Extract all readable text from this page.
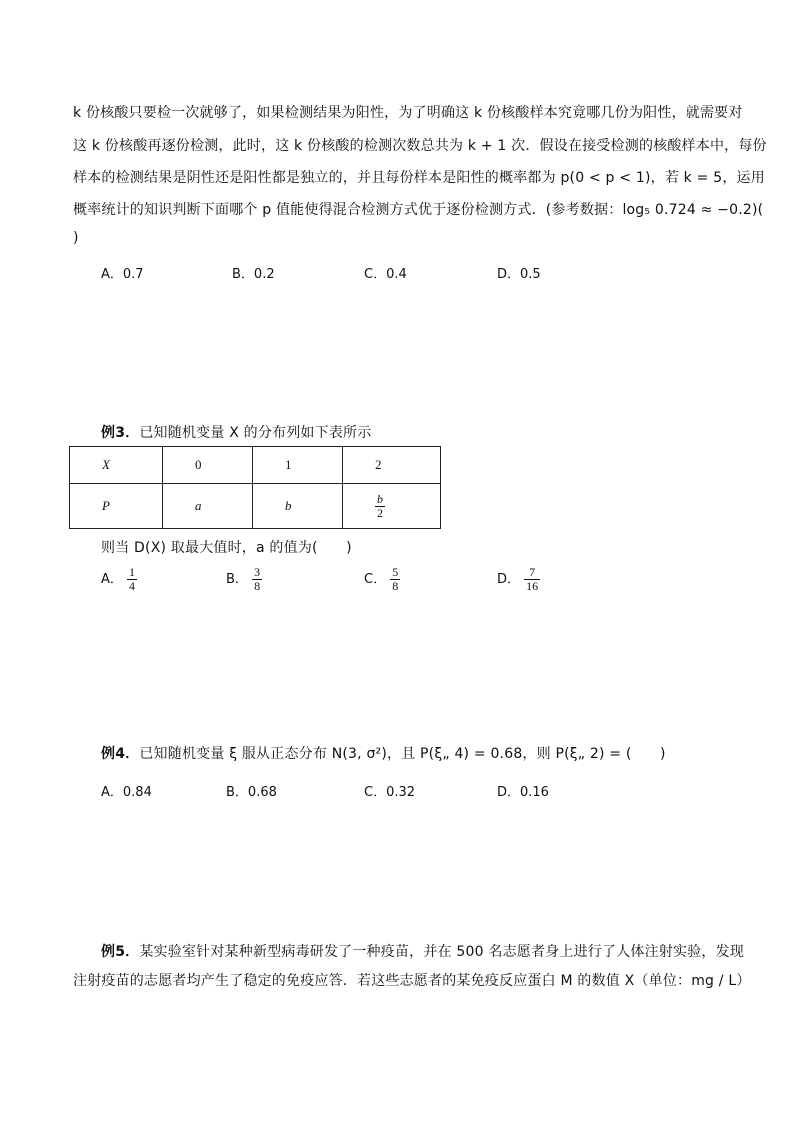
k 份核酸只要检一次就够了，如果检测结果为阳性，为了明确这 k 份核酸样本究竟哪几份为阳性，就需要对
这 k 份核酸再逐份检测，此时，这 k 份核酸的检测次数总共为 k + 1 次．假设在接受检测的核酸样本中，每份
样本的检测结果是阴性还是阳性都是独立的，并且每份样本是阳性的概率都为 p(0 < p < 1)，若 k = 5，运用
概率统计的知识判断下面哪个 p 值能使得混合检测方式优于逐份检测方式．(参考数据：log₅ 0.724 ≈ −0.2)(
)
A．0.7	B．0.2	C．0.4	D．0.5
例3．已知随机变量 X 的分布列如下表所示
X	0	1	2
P	a	b	$\frac{b}{2}$
则当 D(X) 取最大值时，a 的值为(　　)
A． $\frac{1}{4}$	B． $\frac{3}{8}$	C． $\frac{5}{8}$	D． $\frac{7}{16}$
例4．已知随机变量 ξ 服从正态分布 N(3, σ²)，且 P(ξ„ 4) = 0.68，则 P(ξ„ 2) = (　　)
A．0.84	B．0.68	C．0.32	D．0.16
例5．某实验室针对某种新型病毒研发了一种疫苗，并在 500 名志愿者身上进行了人体注射实验，发现
注射疫苗的志愿者均产生了稳定的免疫应答．若这些志愿者的某免疫反应蛋白 M 的数值 X（单位：mg / L）
